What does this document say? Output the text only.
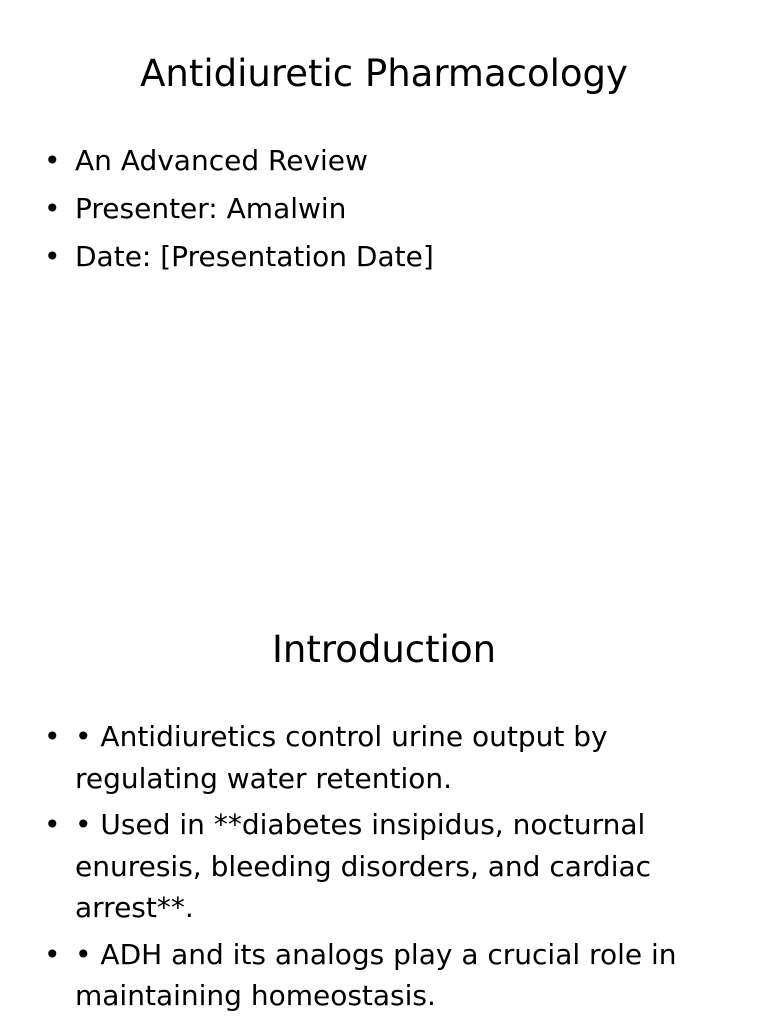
Antidiuretic Pharmacology
• An Advanced Review
• Presenter: Amalwin
• Date: [Presentation Date]
Introduction
• • Antidiuretics control urine output by regulating water retention.
• • Used in **diabetes insipidus, nocturnal enuresis, bleeding disorders, and cardiac arrest**.
• • ADH and its analogs play a crucial role in maintaining homeostasis.
